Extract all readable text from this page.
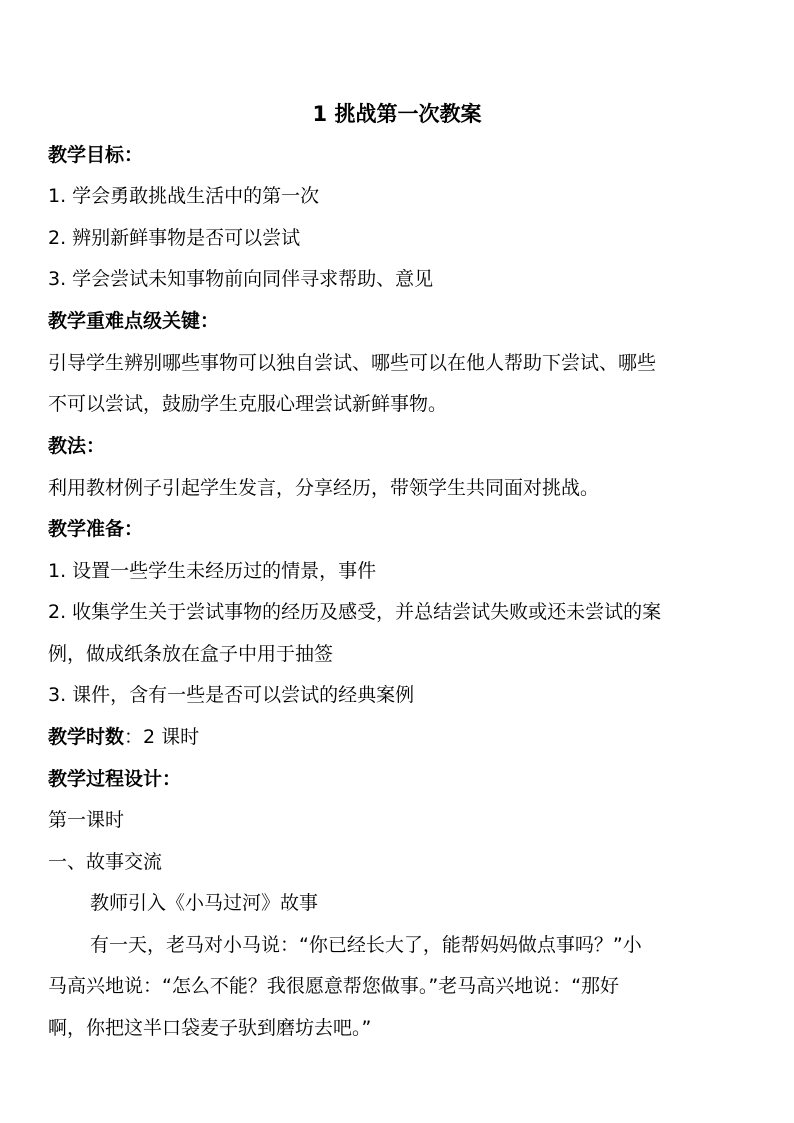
1 挑战第一次教案
教学目标：
1. 学会勇敢挑战生活中的第一次
2. 辨别新鲜事物是否可以尝试
3. 学会尝试未知事物前向同伴寻求帮助、意见
教学重难点级关键：
引导学生辨别哪些事物可以独自尝试、哪些可以在他人帮助下尝试、哪些
不可以尝试，鼓励学生克服心理尝试新鲜事物。
教法：
利用教材例子引起学生发言，分享经历，带领学生共同面对挑战。
教学准备：
1. 设置一些学生未经历过的情景，事件
2. 收集学生关于尝试事物的经历及感受，并总结尝试失败或还未尝试的案
例，做成纸条放在盒子中用于抽签
3. 课件，含有一些是否可以尝试的经典案例
教学时数：2 课时
教学过程设计：
第一课时
一、故事交流
教师引入《小马过河》故事
有一天，老马对小马说：“你已经长大了，能帮妈妈做点事吗？”小
马高兴地说：“怎么不能？我很愿意帮您做事。”老马高兴地说：“那好
啊，你把这半口袋麦子驮到磨坊去吧。”
